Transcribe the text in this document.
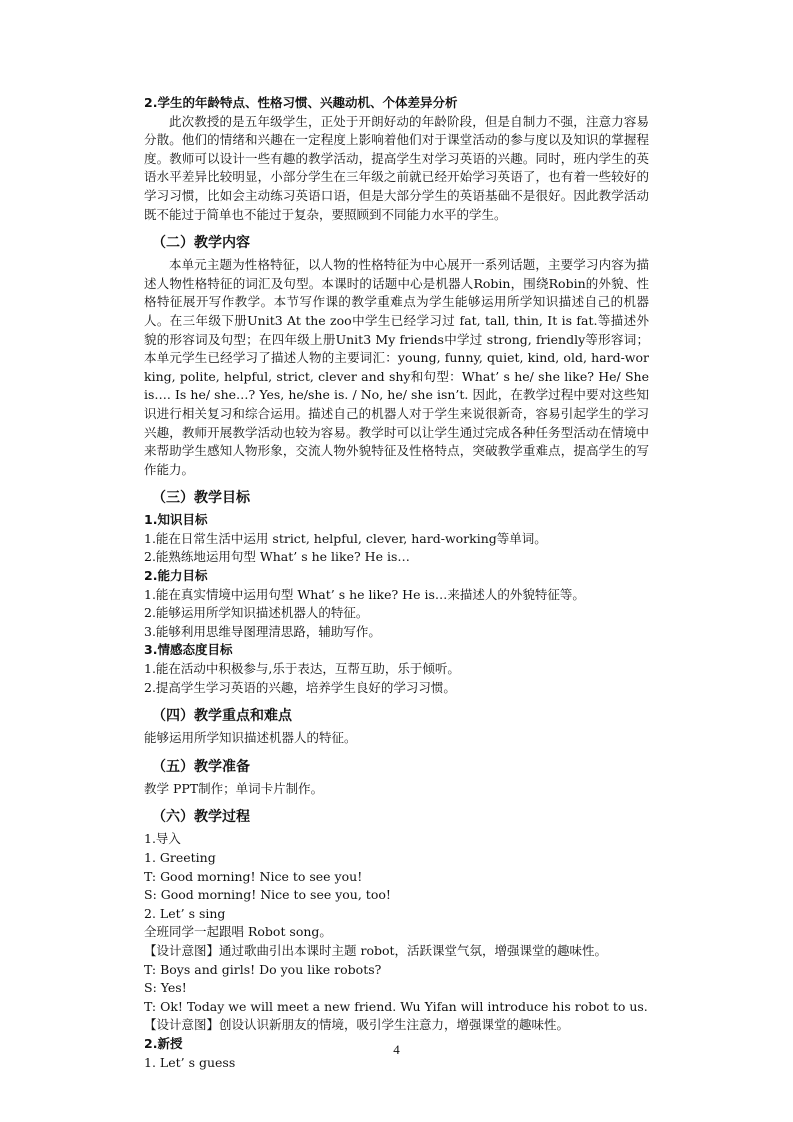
2.学生的年龄特点、性格习惯、兴趣动机、个体差异分析

此次教授的是五年级学生，正处于开朗好动的年龄阶段，但是自制力不强，注意力容易分散。他们的情绪和兴趣在一定程度上影响着他们对于课堂活动的参与度以及知识的掌握程度。教师可以设计一些有趣的教学活动，提高学生对学习英语的兴趣。同时，班内学生的英语水平差异比较明显，小部分学生在三年级之前就已经开始学习英语了，也有着一些较好的学习习惯，比如会主动练习英语口语，但是大部分学生的英语基础不是很好。因此教学活动既不能过于简单也不能过于复杂，要照顾到不同能力水平的学生。

（二）教学内容

本单元主题为性格特征，以人物的性格特征为中心展开一系列话题，主要学习内容为描述人物性格特征的词汇及句型。本课时的话题中心是机器人Robin，围绕Robin的外貌、性格特征展开写作教学。本节写作课的教学重难点为学生能够运用所学知识描述自己的机器人。在三年级下册Unit3 At the zoo中学生已经学习过 fat, tall, thin, It is fat.等描述外貌的形容词及句型；在四年级上册Unit3 My friends中学过 strong, friendly等形容词；本单元学生已经学习了描述人物的主要词汇：young, funny, quiet, kind, old, hard-working, polite, helpful, strict, clever and shy和句型：What’ s he/ she like? He/ She is…. Is he/ she…? Yes, he/she is. / No, he/ she isn’t. 因此，在教学过程中要对这些知识进行相关复习和综合运用。描述自己的机器人对于学生来说很新奇，容易引起学生的学习兴趣，教师开展教学活动也较为容易。教学时可以让学生通过完成各种任务型活动在情境中来帮助学生感知人物形象，交流人物外貌特征及性格特点，突破教学重难点，提高学生的写作能力。

（三）教学目标

1.知识目标

1.能在日常生活中运用 strict, helpful, clever, hard-working等单词。

2.能熟练地运用句型 What’ s he like? He is…

2.能力目标

1.能在真实情境中运用句型 What’ s he like? He is…来描述人的外貌特征等。

2.能够运用所学知识描述机器人的特征。

3.能够利用思维导图理清思路，辅助写作。

3.情感态度目标

1.能在活动中积极参与,乐于表达，互帮互助，乐于倾听。

2.提高学生学习英语的兴趣，培养学生良好的学习习惯。

（四）教学重点和难点

能够运用所学知识描述机器人的特征。

（五）教学准备

教学 PPT制作；单词卡片制作。

（六）教学过程

1.导入

1. Greeting

T: Good morning! Nice to see you!

S: Good morning! Nice to see you, too!

2. Let’ s sing

全班同学一起跟唱 Robot song。

【设计意图】通过歌曲引出本课时主题 robot，活跃课堂气氛，增强课堂的趣味性。

T: Boys and girls! Do you like robots?

S: Yes!

T: Ok! Today we will meet a new friend. Wu Yifan will introduce his robot to us.

【设计意图】创设认识新朋友的情境，吸引学生注意力，增强课堂的趣味性。

2.新授

1. Let’ s guess

4
